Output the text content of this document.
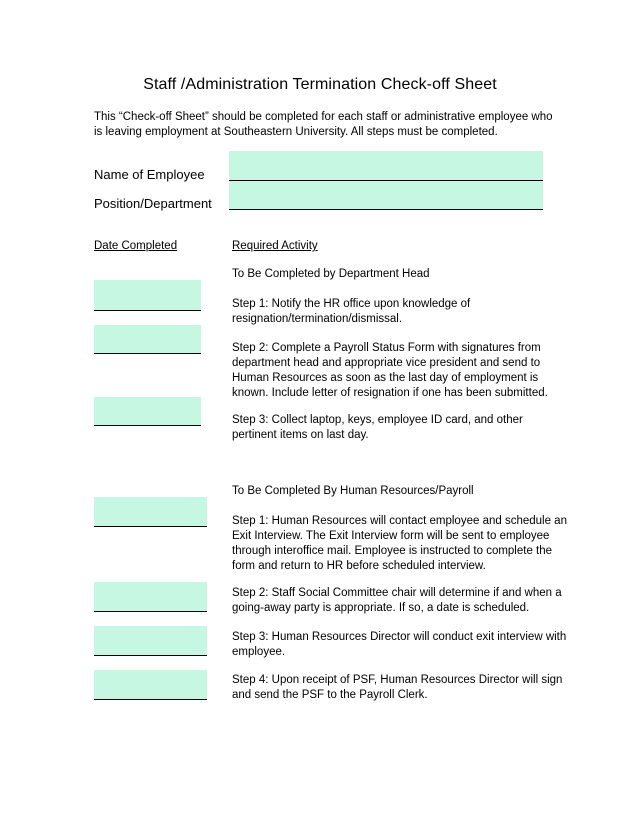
Staff /Administration Termination Check-off Sheet
This “Check-off Sheet” should be completed for each staff or administrative employee who is leaving employment at Southeastern University. All steps must be completed.
Name of Employee
Position/Department
Date Completed	Required Activity
To Be Completed by Department Head
Step 1: Notify the HR office upon knowledge of resignation/termination/dismissal.
Step 2: Complete a Payroll Status Form with signatures from department head and appropriate vice president and send to Human Resources as soon as the last day of employment is known. Include letter of resignation if one has been submitted.
Step 3: Collect laptop, keys, employee ID card, and other pertinent items on last day.
To Be Completed By Human Resources/Payroll
Step 1: Human Resources will contact employee and schedule an Exit Interview. The Exit Interview form will be sent to employee through interoffice mail. Employee is instructed to complete the form and return to HR before scheduled interview.
Step 2: Staff Social Committee chair will determine if and when a going-away party is appropriate. If so, a date is scheduled.
Step 3: Human Resources Director will conduct exit interview with employee.
Step 4: Upon receipt of PSF, Human Resources Director will sign and send the PSF to the Payroll Clerk.
